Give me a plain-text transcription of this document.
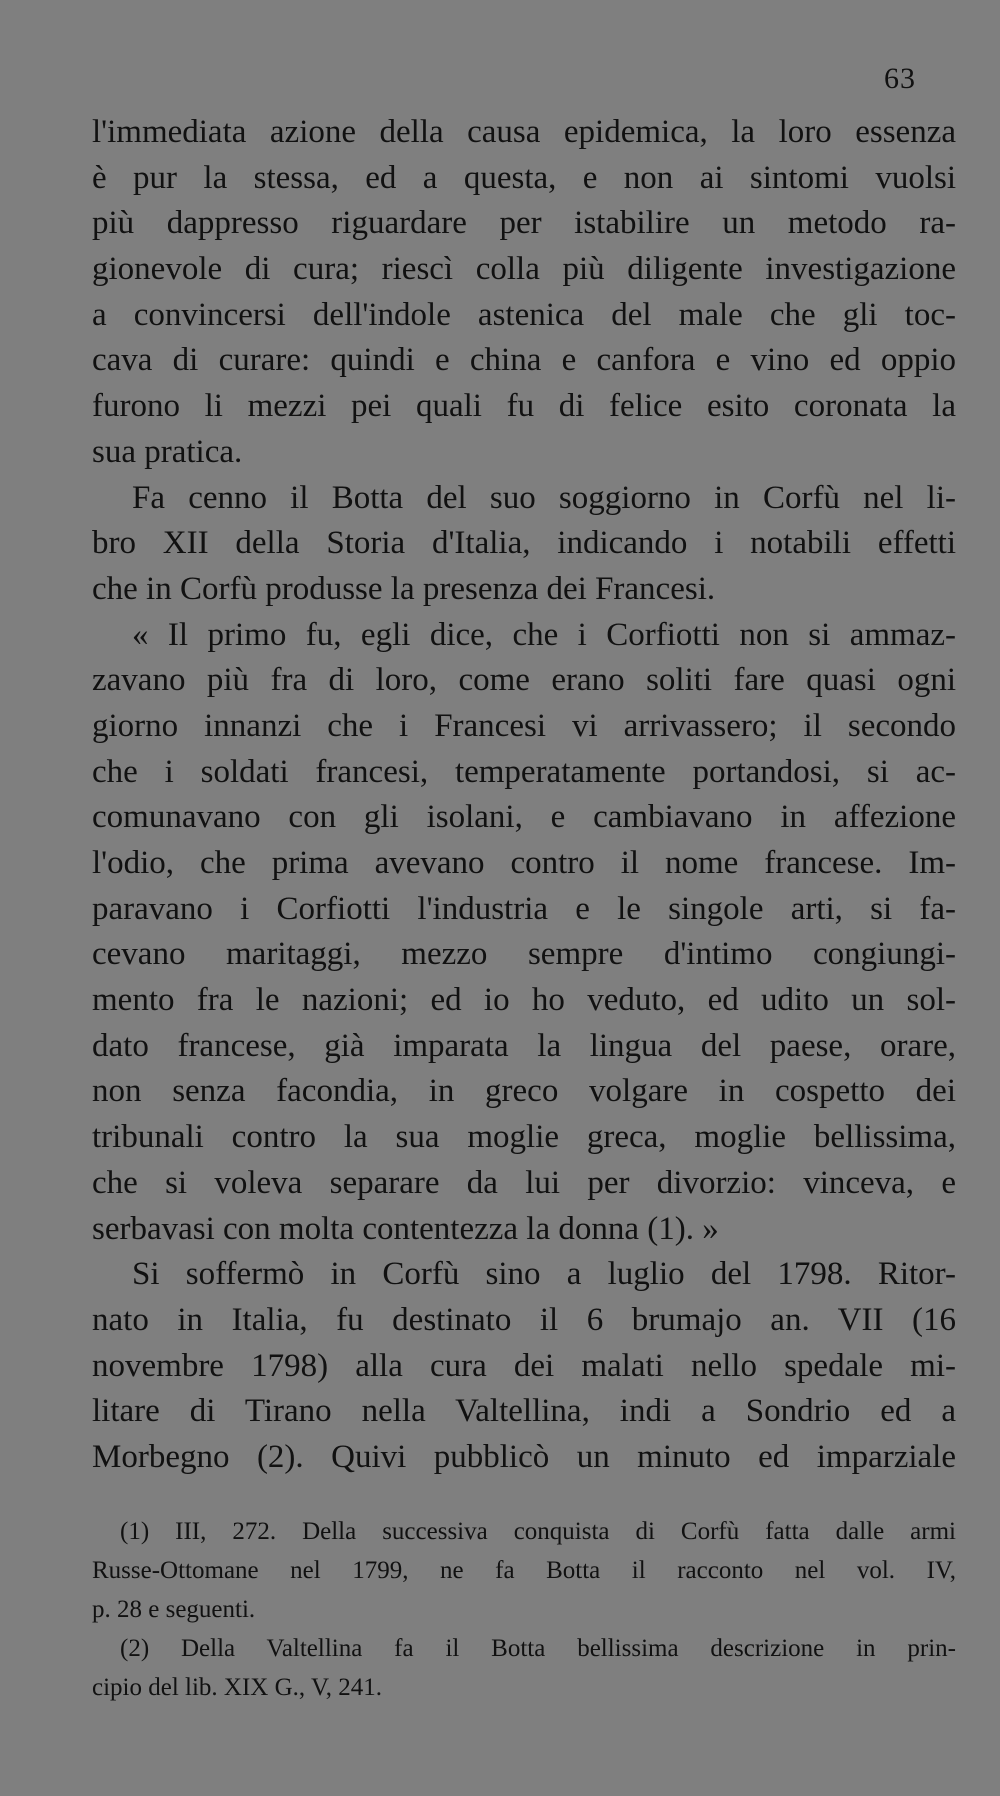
63
l'immediata azione della causa epidemica, la loro essenza
è pur la stessa, ed a questa, e non ai sintomi vuolsi
più dappresso riguardare per istabilire un metodo ra-
gionevole di cura; riescì colla più diligente investigazione
a convincersi dell'indole astenica del male che gli toc-
cava di curare: quindi e china e canfora e vino ed oppio
furono li mezzi pei quali fu di felice esito coronata la
sua pratica.
Fa cenno il Botta del suo soggiorno in Corfù nel li-
bro XII della Storia d'Italia, indicando i notabili effetti
che in Corfù produsse la presenza dei Francesi.
« Il primo fu, egli dice, che i Corfiotti non si ammaz-
zavano più fra di loro, come erano soliti fare quasi ogni
giorno innanzi che i Francesi vi arrivassero; il secondo
che i soldati francesi, temperatamente portandosi, si ac-
comunavano con gli isolani, e cambiavano in affezione
l'odio, che prima avevano contro il nome francese. Im-
paravano i Corfiotti l'industria e le singole arti, si fa-
cevano maritaggi, mezzo sempre d'intimo congiungi-
mento fra le nazioni; ed io ho veduto, ed udito un sol-
dato francese, già imparata la lingua del paese, orare,
non senza facondia, in greco volgare in cospetto dei
tribunali contro la sua moglie greca, moglie bellissima,
che si voleva separare da lui per divorzio: vinceva, e
serbavasi con molta contentezza la donna (1). »
Si soffermò in Corfù sino a luglio del 1798. Ritor-
nato in Italia, fu destinato il 6 brumajo an. VII (16
novembre 1798) alla cura dei malati nello spedale mi-
litare di Tirano nella Valtellina, indi a Sondrio ed a
Morbegno (2). Quivi pubblicò un minuto ed imparziale
(1) III, 272. Della successiva conquista di Corfù fatta dalle armi
Russe-Ottomane nel 1799, ne fa Botta il racconto nel vol. IV,
p. 28 e seguenti.
(2) Della Valtellina fa il Botta bellissima descrizione in prin-
cipio del lib. XIX G., V, 241.
